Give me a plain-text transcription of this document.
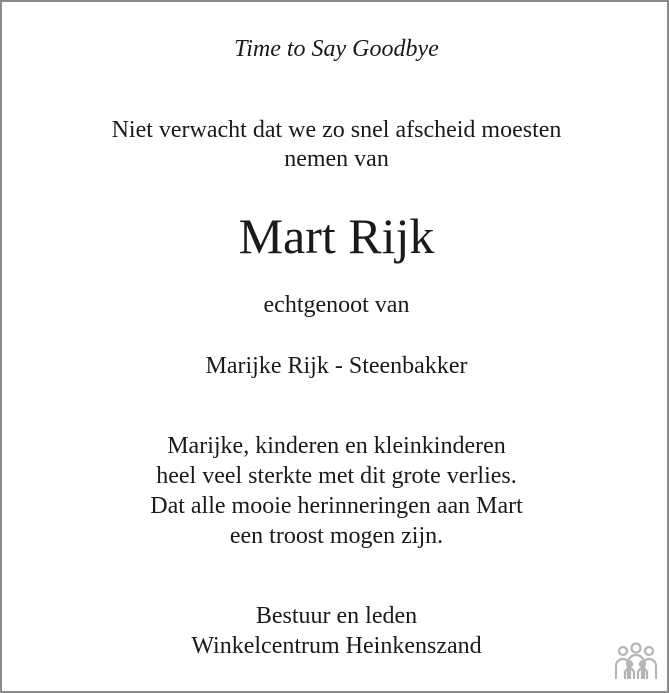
Time to Say Goodbye
Niet verwacht dat we zo snel afscheid moesten
nemen van
Mart Rijk
echtgenoot van
Marijke Rijk - Steenbakker
Marijke, kinderen en kleinkinderen
heel veel sterkte met dit grote verlies.
Dat alle mooie herinneringen aan Mart
een troost mogen zijn.
Bestuur en leden
Winkelcentrum Heinkenszand
